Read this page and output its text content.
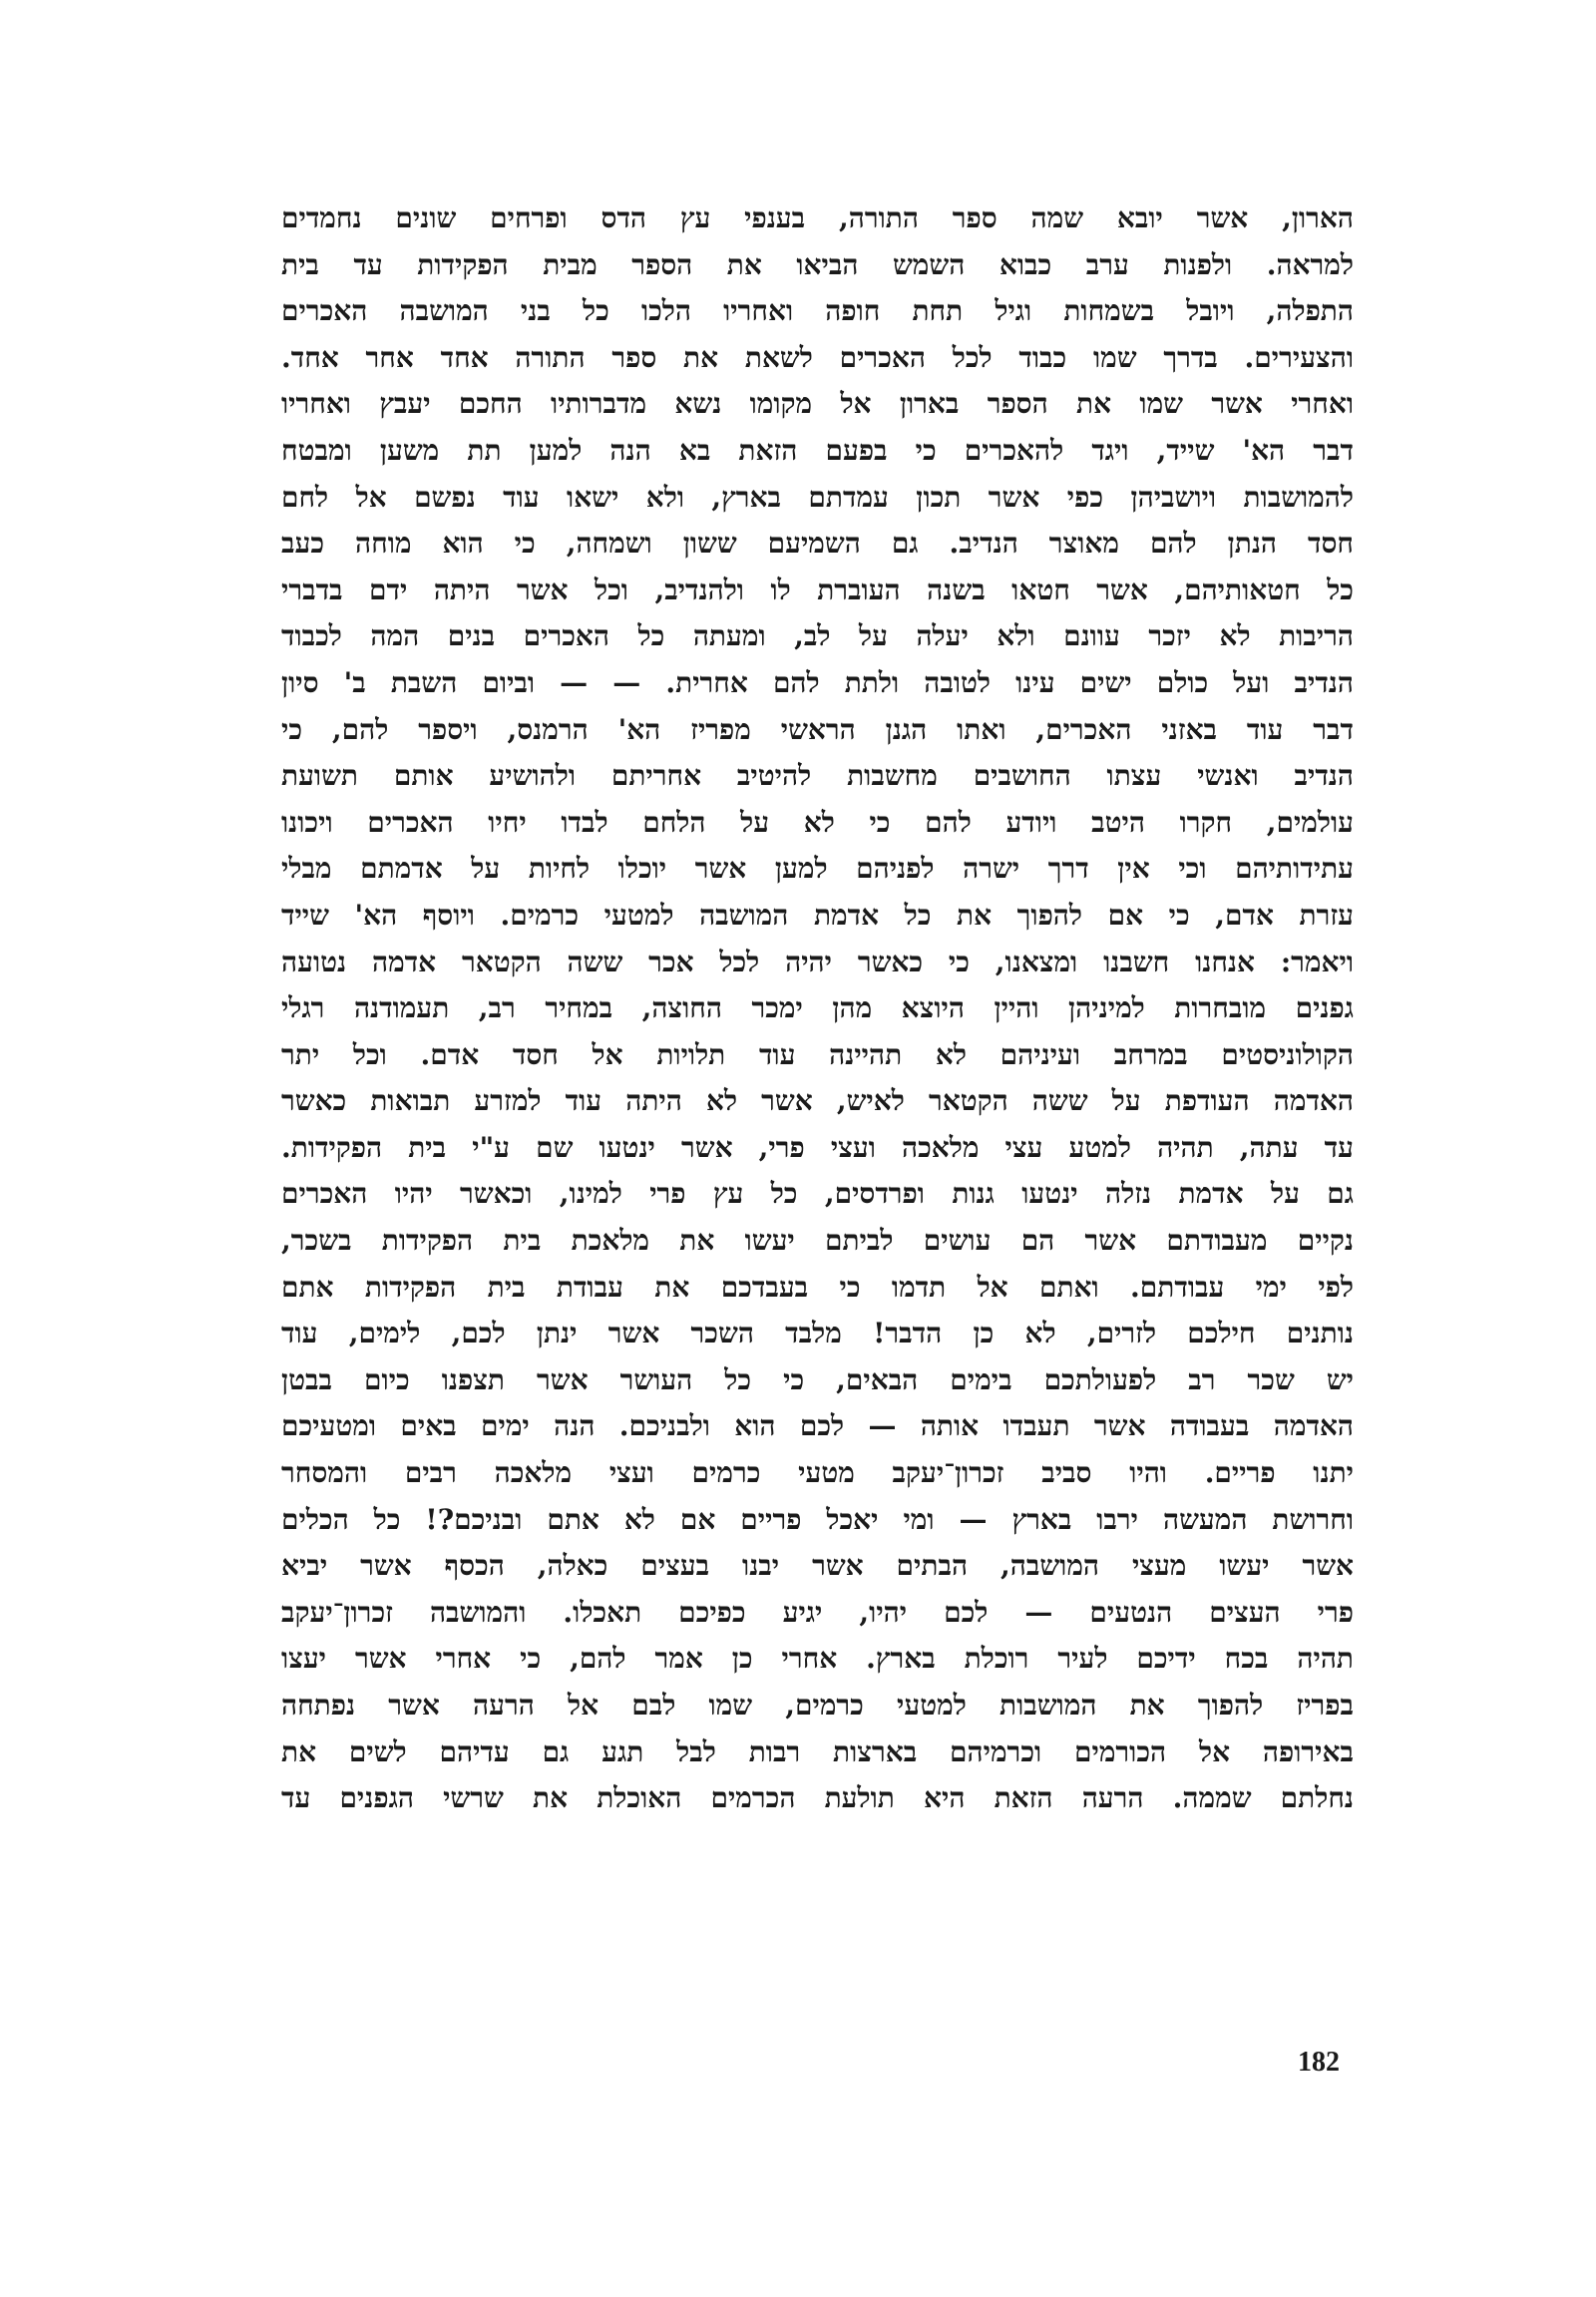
הארון, אשר יובא שמה ספר התורה, בענפי עץ הדס ופרחים שונים נחמדים
למראה. ולפנות ערב כבוא השמש הביאו את הספר מבית הפקידות עד בית
התפלה, ויובל בשמחות וגיל תחת חופה ואחריו הלכו כל בני המושבה האכרים
והצעירים. בדרך שמו כבוד לכל האכרים לשאת את ספר התורה אחד אחר אחד.
ואחרי אשר שמו את הספר בארון אל מקומו נשא מדברותיו החכם יעבץ ואחריו
דבר הא' שייד, ויגד להאכרים כי בפעם הזאת בא הנה למען תת משען ומבטח
להמושבות ויושביהן כפי אשר תכון עמדתם בארץ, ולא ישאו עוד נפשם אל לחם
חסד הנתן להם מאוצר הנדיב. גם השמיעם ששון ושמחה, כי הוא מוחה כעב
כל חטאותיהם, אשר חטאו בשנה העוברת לו ולהנדיב, וכל אשר היתה ידם בדברי
הריבות לא יזכר עוונם ולא יעלה על לב, ומעתה כל האכרים בנים המה לכבוד
הנדיב ועל כולם ישים עינו לטובה ולתת להם אחרית. — — וביום השבת ב' סיון
דבר עוד באזני האכרים, ואתו הגנן הראשי מפריז הא' הרמנס, ויספר להם, כי
הנדיב ואנשי עצתו החושבים מחשבות להיטיב אחריתם ולהושיע אותם תשועת
עולמים, חקרו היטב ויודע להם כי לא על הלחם לבדו יחיו האכרים ויכונו
עתידותיהם וכי אין דרך ישרה לפניהם למען אשר יוכלו לחיות על אדמתם מבלי
עזרת אדם, כי אם להפוך את כל אדמת המושבה למטעי כרמים. ויוסף הא' שייד
ויאמר: אנחנו חשבנו ומצאנו, כי כאשר יהיה לכל אכר ששה הקטאר אדמה נטועה
גפנים מובחרות למיניהן והיין היוצא מהן ימכר החוצה, במחיר רב, תעמודנה רגלי
הקולוניסטים במרחב ועיניהם לא תהיינה עוד תלויות אל חסד אדם. וכל יתר
האדמה העודפת על ששה הקטאר לאיש, אשר לא היתה עוד למזרע תבואות כאשר
עד עתה, תהיה למטע עצי מלאכה ועצי פרי, אשר ינטעו שם ע"י בית הפקידות.
גם על אדמת נזלה ינטעו גנות ופרדסים, כל עץ פרי למינו, וכאשר יהיו האכרים
נקיים מעבודתם אשר הם עושים לביתם יעשו את מלאכת בית הפקידות בשכר,
לפי ימי עבודתם. ואתם אל תדמו כי בעבדכם את עבודת בית הפקידות אתם
נותנים חילכם לזרים, לא כן הדבר! מלבד השכר אשר ינתן לכם, לימים, עוד
יש שכר רב לפעולתכם בימים הבאים, כי כל העושר אשר תצפנו כיום בבטן
האדמה בעבודה אשר תעבדו אותה — לכם הוא ולבניכם. הנה ימים באים ומטעיכם
יתנו פריים. והיו סביב זכרון־יעקב מטעי כרמים ועצי מלאכה רבים והמסחר
וחרושת המעשה ירבו בארץ — ומי יאכל פריים אם לא אתם ובניכם?! כל הכלים
אשר יעשו מעצי המושבה, הבתים אשר יבנו בעצים כאלה, הכסף אשר יביא
פרי העצים הנטעים — לכם יהיו, יגיע כפיכם תאכלו. והמושבה זכרון־יעקב
תהיה בכח ידיכם לעיר רוכלת בארץ. אחרי כן אמר להם, כי אחרי אשר יעצו
בפריז להפוך את המושבות למטעי כרמים, שמו לבם אל הרעה אשר נפתחה
באירופה אל הכורמים וכרמיהם בארצות רבות לבל תגע גם עדיהם לשים את
נחלתם שממה. הרעה הזאת היא תולעת הכרמים האוכלת את שרשי הגפנים עד
182
